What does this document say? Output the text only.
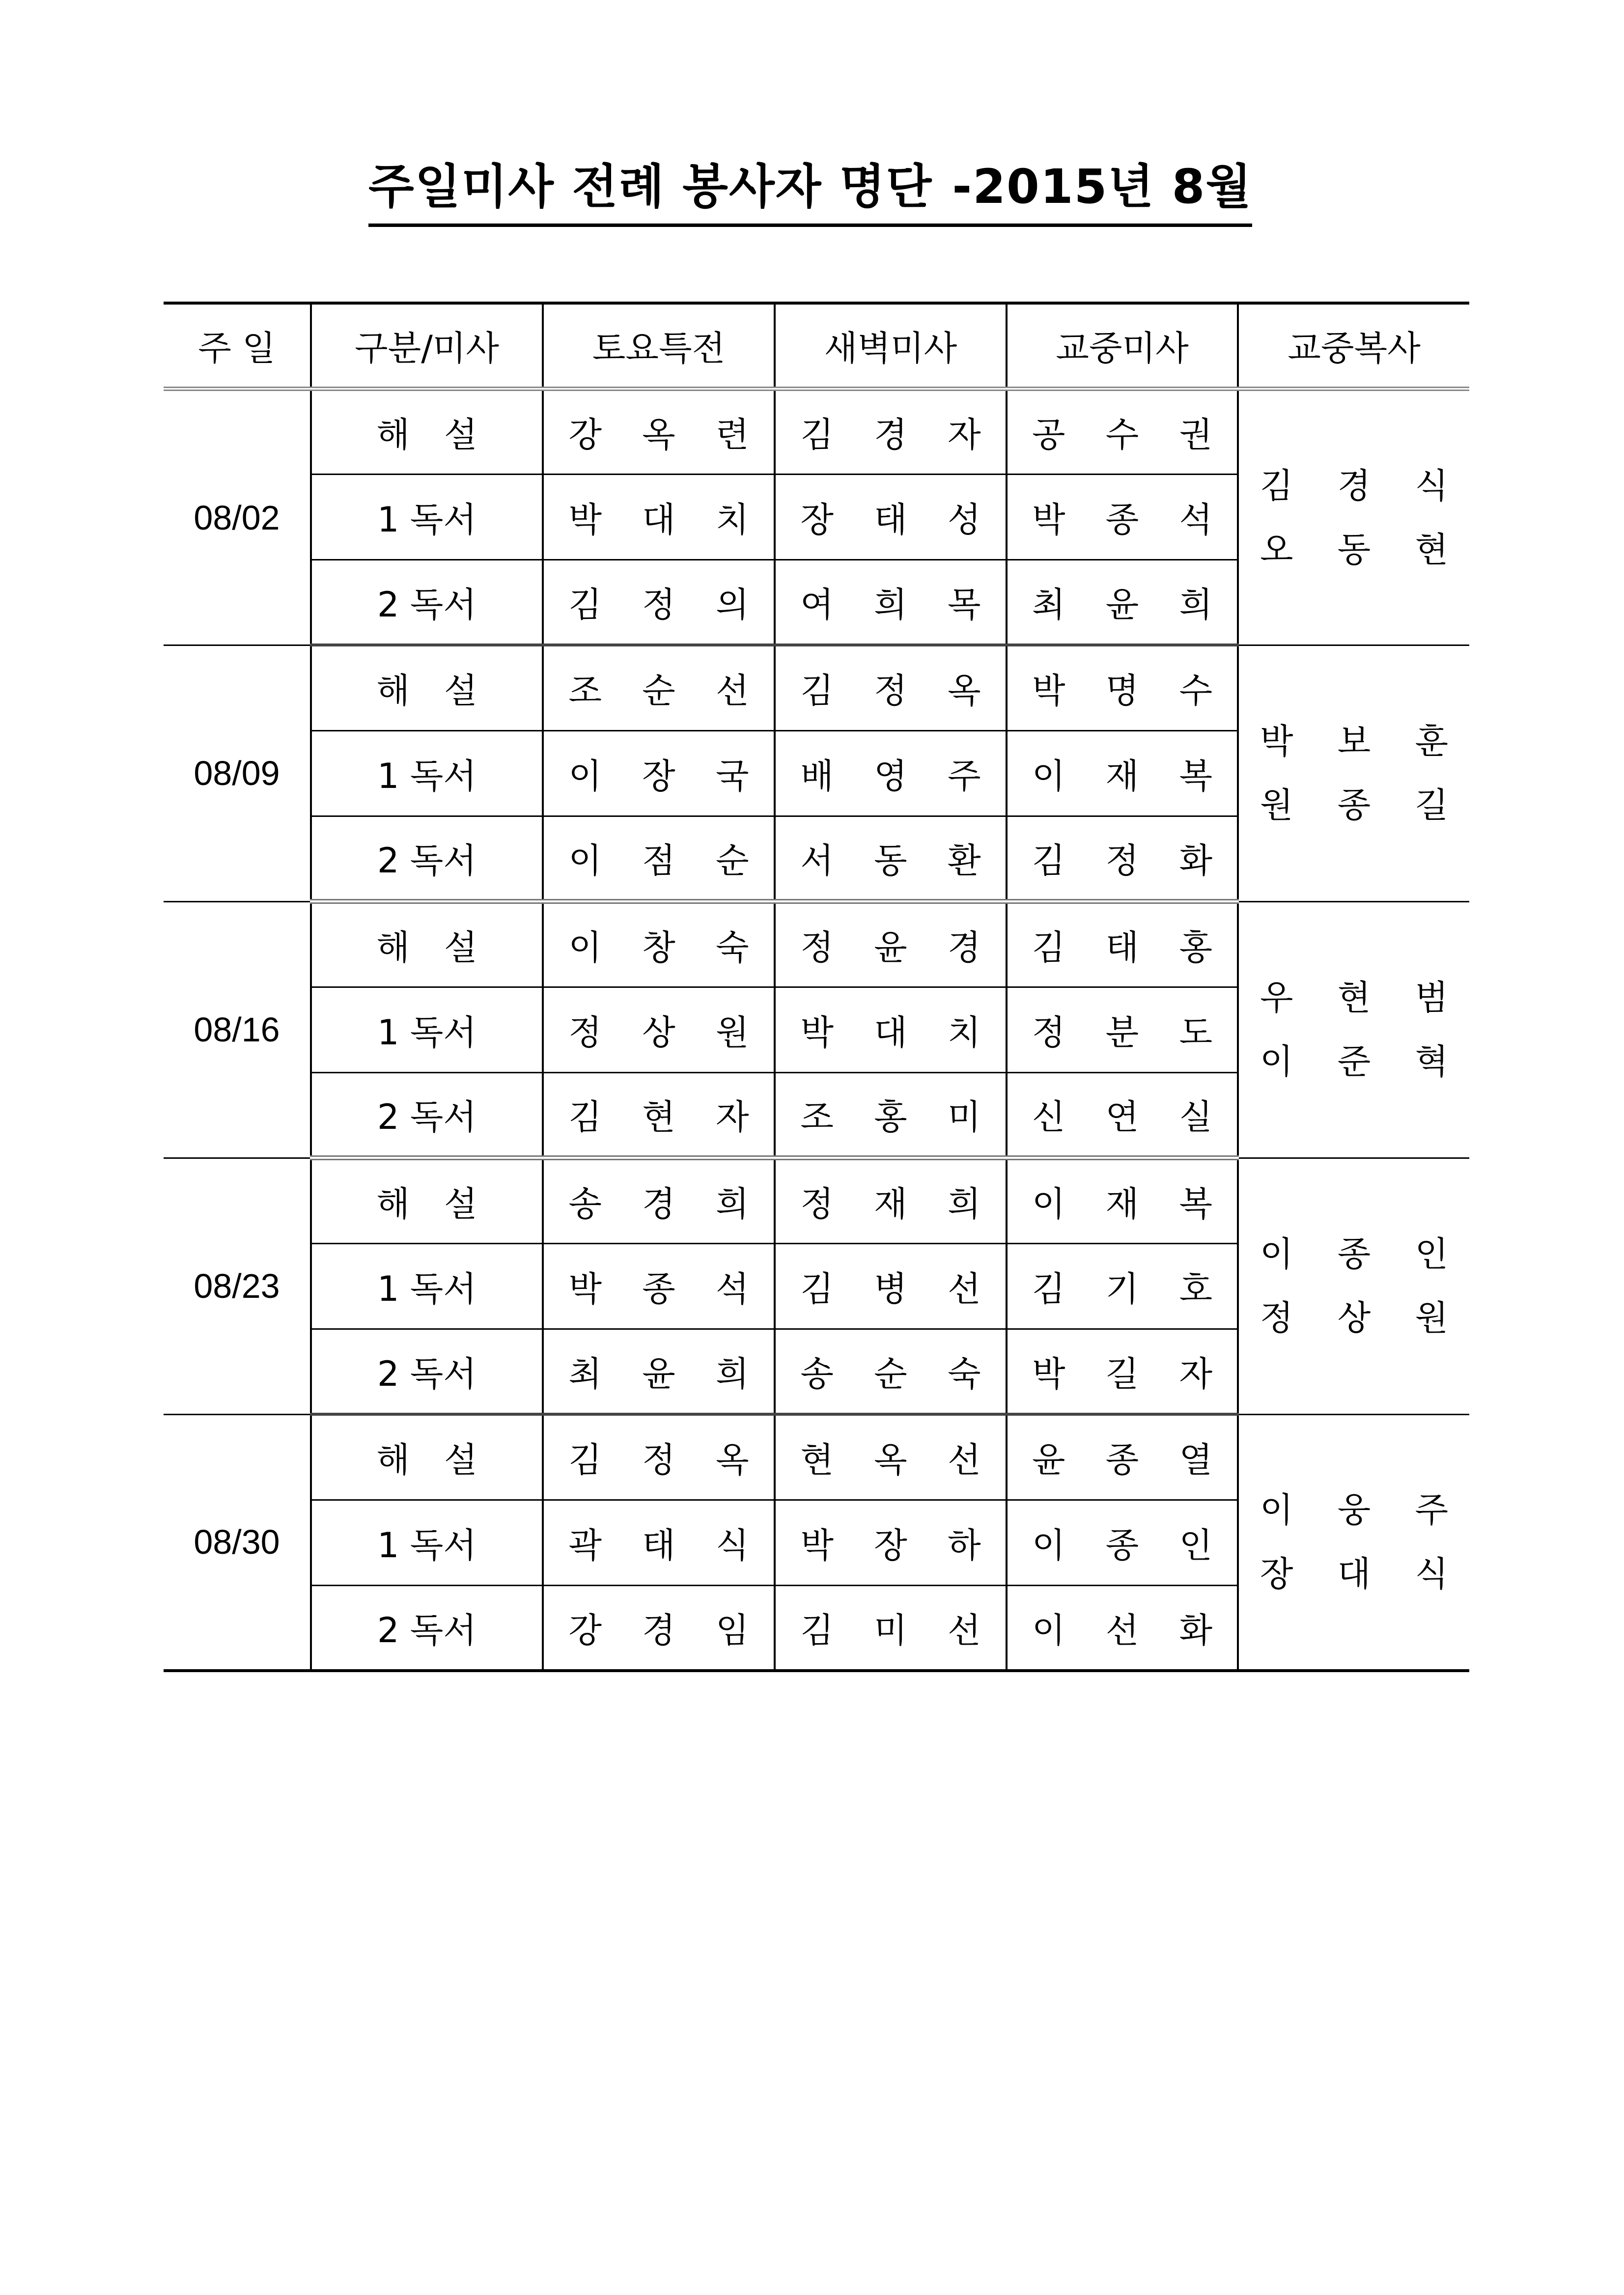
주일미사 전례 봉사자 명단 -2015년 8월
주 일	구분/미사	토요특전	새벽미사	교중미사	교중복사
08/02	해 설	강 옥 련	김 경 자	공 수 권	김 경 식
오 동 현

	1 독서	박 대 치	장 태 성	박 종 석	
	2 독서	김 정 의	여 희 목	최 윤 희	
08/09	해 설	조 순 선	김 정 옥	박 명 수	박 보 훈
원 종 길

	1 독서	이 장 국	배 영 주	이 재 복	
	2 독서	이 점 순	서 동 환	김 정 화	
08/16	해 설	이 창 숙	정 윤 경	김 태 홍	우 현 범
이 준 혁

	1 독서	정 상 원	박 대 치	정 분 도	
	2 독서	김 현 자	조 홍 미	신 연 실	
08/23	해 설	송 경 희	정 재 희	이 재 복	이 종 인
정 상 원

	1 독서	박 종 석	김 병 선	김 기 호	
	2 독서	최 윤 희	송 순 숙	박 길 자	
08/30	해 설	김 정 옥	현 옥 선	윤 종 열	이 웅 주
장 대 식

	1 독서	곽 태 식	박 장 하	이 종 인	
	2 독서	강 경 임	김 미 선	이 선 화	
